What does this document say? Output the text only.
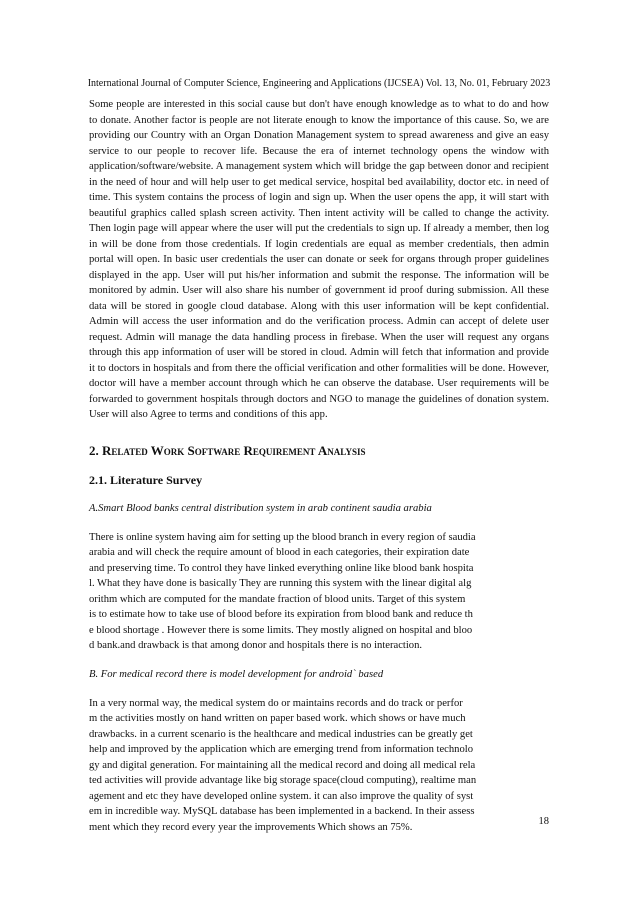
International Journal of Computer Science, Engineering and Applications (IJCSEA) Vol. 13, No. 01, February 2023

Some people are interested in this social cause but don't have enough knowledge as to what to do and how to donate. Another factor is people are not literate enough to know the importance of this cause. So, we are providing our Country with an Organ Donation Management system to spread awareness and give an easy service to our people to recover life. Because the era of internet technology opens the window with application/software/website. A management system which will bridge the gap between donor and recipient in the need of hour and will help user to get medical service, hospital bed availability, doctor etc. in need of time. This system contains the process of login and sign up. When the user opens the app, it will start with beautiful graphics called splash screen activity. Then intent activity will be called to change the activity. Then login page will appear where the user will put the credentials to sign up. If already a member, then log in will be done from those credentials. If login credentials are equal as member credentials, then admin portal will open. In basic user credentials the user can donate or seek for organs through proper guidelines displayed in the app. User will put his/her information and submit the response. The information will be monitored by admin. User will also share his number of government id proof during submission. All these data will be stored in google cloud database. Along with this user information will be kept confidential. Admin will access the user information and do the verification process. Admin can accept of delete user request. Admin will manage the data handling process in firebase. When the user will request any organs through this app information of user will be stored in cloud. Admin will fetch that information and provide it to doctors in hospitals and from there the official verification and other formalities will be done. However, doctor will have a member account through which he can observe the database. User requirements will be forwarded to government hospitals through doctors and NGO to manage the guidelines of donation system. User will also Agree to terms and conditions of this app.

2. Related Work Software Requirement Analysis
2.1. Literature Survey

A.Smart Blood banks central distribution system in arab continent saudia arabia

There is online system having aim for setting up the blood branch in every region of saudia
arabia and will check the require amount of blood in each categories, their expiration date
and preserving time. To control they have linked everything online like blood bank hospita
l. What they have done is basically They are running this system with the linear digital alg
orithm which are computed for the mandate fraction of blood units. Target of this system
is to estimate how to take use of blood before its expiration from blood bank and reduce th
e blood shortage . However there is some limits. They mostly aligned on hospital and bloo
d bank.and drawback is that among donor and hospitals there is no interaction.

B. For medical record there is model development for android` based

In a very normal way, the medical system do or maintains records and do track or perfor
m the activities mostly on hand written on paper based work. which shows or have much
drawbacks. in a current scenario is the healthcare and medical industries can be greatly get
help and improved by the application which are emerging trend from information technolo
gy and digital generation. For maintaining all the medical record and doing all medical rela
ted activities will provide advantage like big storage space(cloud computing), realtime man
agement and etc they have developed online system. it can also improve the quality of syst
em in incredible way. MySQL database has been implemented in a backend. In their assess
ment which they record every year the improvements Which shows an 75%.	18
